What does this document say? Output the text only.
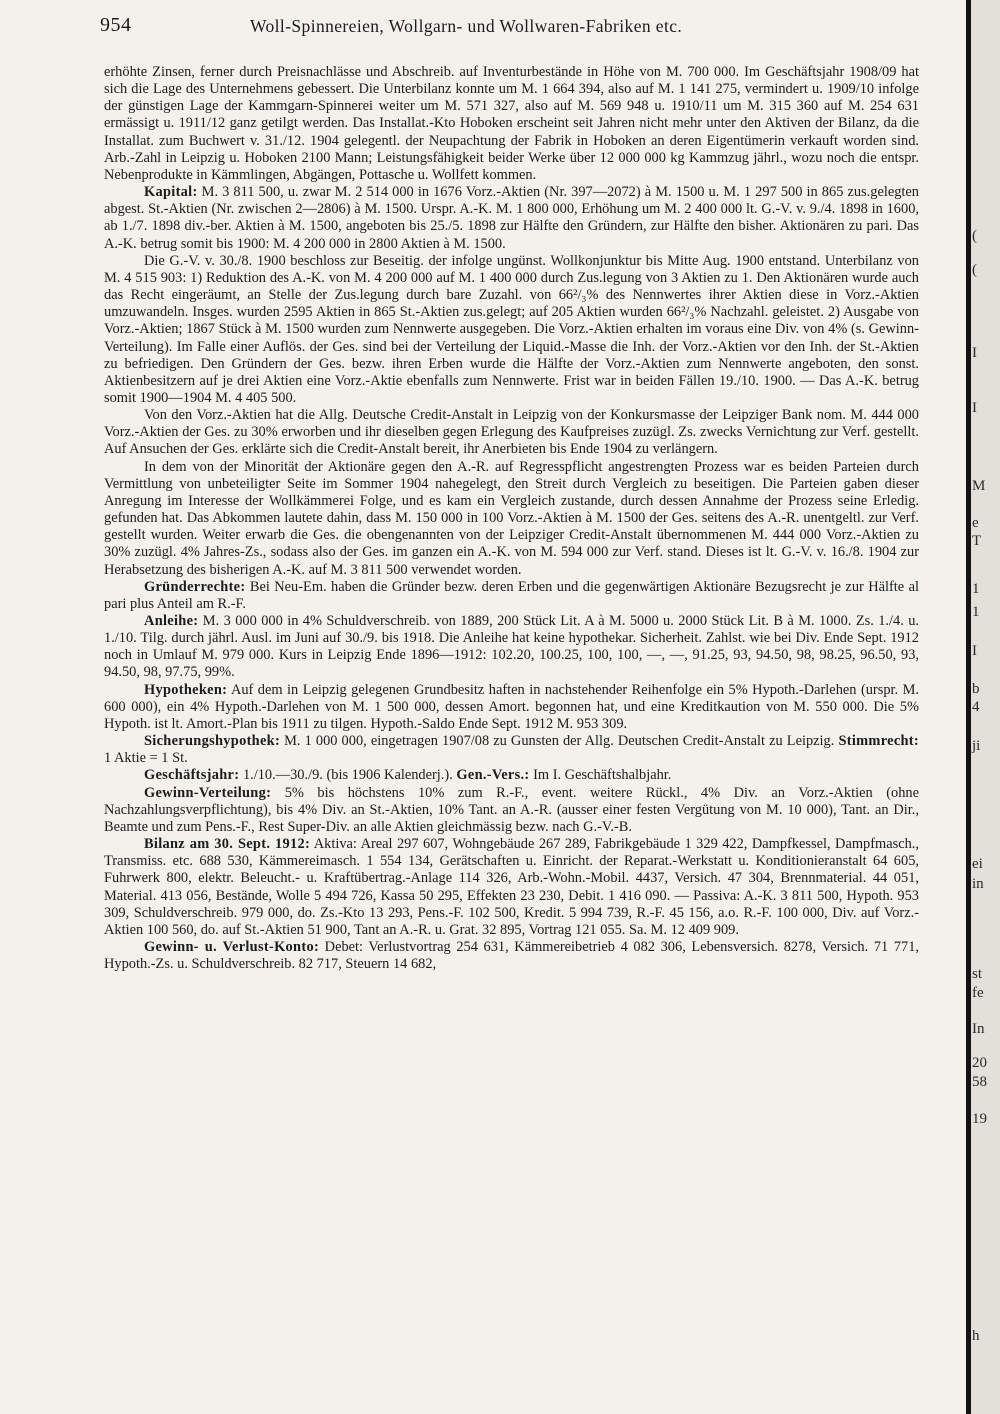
954	Woll-Spinnereien, Wollgarn- und Wollwaren-Fabriken etc.

erhöhte Zinsen, ferner durch Preisnachlässe und Abschreib. auf Inventurbestände in Höhe von M. 700 000. Im Geschäftsjahr 1908/09 hat sich die Lage des Unternehmens gebessert. Die Unterbilanz konnte um M. 1 664 394, also auf M. 1 141 275, vermindert u. 1909/10 infolge der günstigen Lage der Kammgarn-Spinnerei weiter um M. 571 327, also auf M. 569 948 u. 1910/11 um M. 315 360 auf M. 254 631 ermässigt u. 1911/12 ganz getilgt werden. Das Installat.-Kto Hoboken erscheint seit Jahren nicht mehr unter den Aktiven der Bilanz, da die Installat. zum Buchwert v. 31./12. 1904 gelegentl. der Neupachtung der Fabrik in Hoboken an deren Eigentümerin verkauft worden sind. Arb.-Zahl in Leipzig u. Hoboken 2100 Mann; Leistungsfähigkeit beider Werke über 12 000 000 kg Kammzug jährl., wozu noch die entspr. Nebenprodukte in Kämmlingen, Abgängen, Pottasche u. Wollfett kommen.

Kapital: M. 3 811 500, u. zwar M. 2 514 000 in 1676 Vorz.-Aktien (Nr. 397—2072) à M. 1500 u. M. 1 297 500 in 865 zus.gelegten abgest. St.-Aktien (Nr. zwischen 2—2806) à M. 1500. Urspr. A.-K. M. 1 800 000, Erhöhung um M. 2 400 000 lt. G.-V. v. 9./4. 1898 in 1600, ab 1./7. 1898 div.-ber. Aktien à M. 1500, angeboten bis 25./5. 1898 zur Hälfte den Gründern, zur Hälfte den bisher. Aktionären zu pari. Das A.-K. betrug somit bis 1900: M. 4 200 000 in 2800 Aktien à M. 1500.

Die G.-V. v. 30./8. 1900 beschloss zur Beseitig. der infolge ungünst. Wollkonjunktur bis Mitte Aug. 1900 entstand. Unterbilanz von M. 4 515 903: 1) Reduktion des A.-K. von M. 4 200 000 auf M. 1 400 000 durch Zus.legung von 3 Aktien zu 1. Den Aktionären wurde auch das Recht eingeräumt, an Stelle der Zus.legung durch bare Zuzahl. von 66²/₃% des Nennwertes ihrer Aktien diese in Vorz.-Aktien umzuwandeln. Insges. wurden 2595 Aktien in 865 St.-Aktien zus.gelegt; auf 205 Aktien wurden 66²/₃% Nachzahl. geleistet. 2) Ausgabe von Vorz.-Aktien; 1867 Stück à M. 1500 wurden zum Nennwerte ausgegeben. Die Vorz.-Aktien erhalten im voraus eine Div. von 4% (s. Gewinn-Verteilung). Im Falle einer Auflös. der Ges. sind bei der Verteilung der Liquid.-Masse die Inh. der Vorz.-Aktien vor den Inh. der St.-Aktien zu befriedigen. Den Gründern der Ges. bezw. ihren Erben wurde die Hälfte der Vorz.-Aktien zum Nennwerte angeboten, den sonst. Aktienbesitzern auf je drei Aktien eine Vorz.-Aktie ebenfalls zum Nennwerte. Frist war in beiden Fällen 19./10. 1900. — Das A.-K. betrug somit 1900—1904 M. 4 405 500.

Von den Vorz.-Aktien hat die Allg. Deutsche Credit-Anstalt in Leipzig von der Konkursmasse der Leipziger Bank nom. M. 444 000 Vorz.-Aktien der Ges. zu 30% erworben und ihr dieselben gegen Erlegung des Kaufpreises zuzügl. Zs. zwecks Vernichtung zur Verf. gestellt. Auf Ansuchen der Ges. erklärte sich die Credit-Anstalt bereit, ihr Anerbieten bis Ende 1904 zu verlängern.

In dem von der Minorität der Aktionäre gegen den A.-R. auf Regresspflicht angestrengten Prozess war es beiden Parteien durch Vermittlung von unbeteiligter Seite im Sommer 1904 nahegelegt, den Streit durch Vergleich zu beseitigen. Die Parteien gaben dieser Anregung im Interesse der Wollkämmerei Folge, und es kam ein Vergleich zustande, durch dessen Annahme der Prozess seine Erledig. gefunden hat. Das Abkommen lautete dahin, dass M. 150 000 in 100 Vorz.-Aktien à M. 1500 der Ges. seitens des A.-R. unentgeltl. zur Verf. gestellt wurden. Weiter erwarb die Ges. die obengenannten von der Leipziger Credit-Anstalt übernommenen M. 444 000 Vorz.-Aktien zu 30% zuzügl. 4% Jahres-Zs., sodass also der Ges. im ganzen ein A.-K. von M. 594 000 zur Verf. stand. Dieses ist lt. G.-V. v. 16./8. 1904 zur Herabsetzung des bisherigen A.-K. auf M. 3 811 500 verwendet worden.

Gründerrechte: Bei Neu-Em. haben die Gründer bezw. deren Erben und die gegenwärtigen Aktionäre Bezugsrecht je zur Hälfte al pari plus Anteil am R.-F.

Anleihe: M. 3 000 000 in 4% Schuldverschreib. von 1889, 200 Stück Lit. A à M. 5000 u. 2000 Stück Lit. B à M. 1000. Zs. 1./4. u. 1./10. Tilg. durch jährl. Ausl. im Juni auf 30./9. bis 1918. Die Anleihe hat keine hypothekar. Sicherheit. Zahlst. wie bei Div. Ende Sept. 1912 noch in Umlauf M. 979 000. Kurs in Leipzig Ende 1896—1912: 102.20, 100.25, 100, 100, —, —, 91.25, 93, 94.50, 98, 98.25, 96.50, 93, 94.50, 98, 97.75, 99%.

Hypotheken: Auf dem in Leipzig gelegenen Grundbesitz haften in nachstehender Reihenfolge ein 5% Hypoth.-Darlehen (urspr. M. 600 000), ein 4% Hypoth.-Darlehen von M. 1 500 000, dessen Amort. begonnen hat, und eine Kreditkaution von M. 550 000. Die 5% Hypoth. ist lt. Amort.-Plan bis 1911 zu tilgen. Hypoth.-Saldo Ende Sept. 1912 M. 953 309.

Sicherungshypothek: M. 1 000 000, eingetragen 1907/08 zu Gunsten der Allg. Deutschen Credit-Anstalt zu Leipzig. Stimmrecht: 1 Aktie = 1 St.

Geschäftsjahr: 1./10.—30./9. (bis 1906 Kalenderj.). Gen.-Vers.: Im I. Geschäftshalbjahr.

Gewinn-Verteilung: 5% bis höchstens 10% zum R.-F., event. weitere Rückl., 4% Div. an Vorz.-Aktien (ohne Nachzahlungsverpflichtung), bis 4% Div. an St.-Aktien, 10% Tant. an A.-R. (ausser einer festen Vergütung von M. 10 000), Tant. an Dir., Beamte und zum Pens.-F., Rest Super-Div. an alle Aktien gleichmässig bezw. nach G.-V.-B.

Bilanz am 30. Sept. 1912: Aktiva: Areal 297 607, Wohngebäude 267 289, Fabrikgebäude 1 329 422, Dampfkessel, Dampfmasch., Transmiss. etc. 688 530, Kämmereimasch. 1 554 134, Gerätschaften u. Einricht. der Reparat.-Werkstatt u. Konditionieranstalt 64 605, Fuhrwerk 800, elektr. Beleucht.- u. Kraftübertrag.-Anlage 114 326, Arb.-Wohn.-Mobil. 4437, Versich. 47 304, Brennmaterial. 44 051, Material. 413 056, Bestände, Wolle 5 494 726, Kassa 50 295, Effekten 23 230, Debit. 1 416 090. — Passiva: A.-K. 3 811 500, Hypoth. 953 309, Schuldverschreib. 979 000, do. Zs.-Kto 13 293, Pens.-F. 102 500, Kredit. 5 994 739, R.-F. 45 156, a.o. R.-F. 100 000, Div. auf Vorz.-Aktien 100 560, do. auf St.-Aktien 51 900, Tant an A.-R. u. Grat. 32 895, Vortrag 121 055. Sa. M. 12 409 909.

Gewinn- u. Verlust-Konto: Debet: Verlustvortrag 254 631, Kämmereibetrieb 4 082 306, Lebensversich. 8278, Versich. 71 771, Hypoth.-Zs. u. Schuldverschreib. 82 717, Steuern 14 682,

(
(
I
I
M
e
T
1
1
I
b
4
ji
ei
in
st
fe
In
20
58
19
h
